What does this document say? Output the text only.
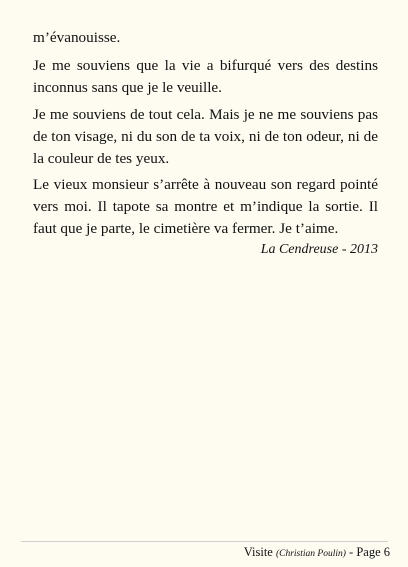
m’évanouisse.

Je me souviens que la vie a bifurqué vers des destins inconnus sans que je le veuille.

Je me souviens de tout cela. Mais je ne me souviens pas de ton visage, ni du son de ta voix, ni de ton odeur, ni de la couleur de tes yeux.

Le vieux monsieur s’arrête à nouveau son regard pointé vers moi. Il tapote sa montre et m’indique la sortie. Il faut que je parte, le cimetière va fermer. Je t’aime.

La Cendreuse - 2013
Visite (Christian Poulin) - Page 6
